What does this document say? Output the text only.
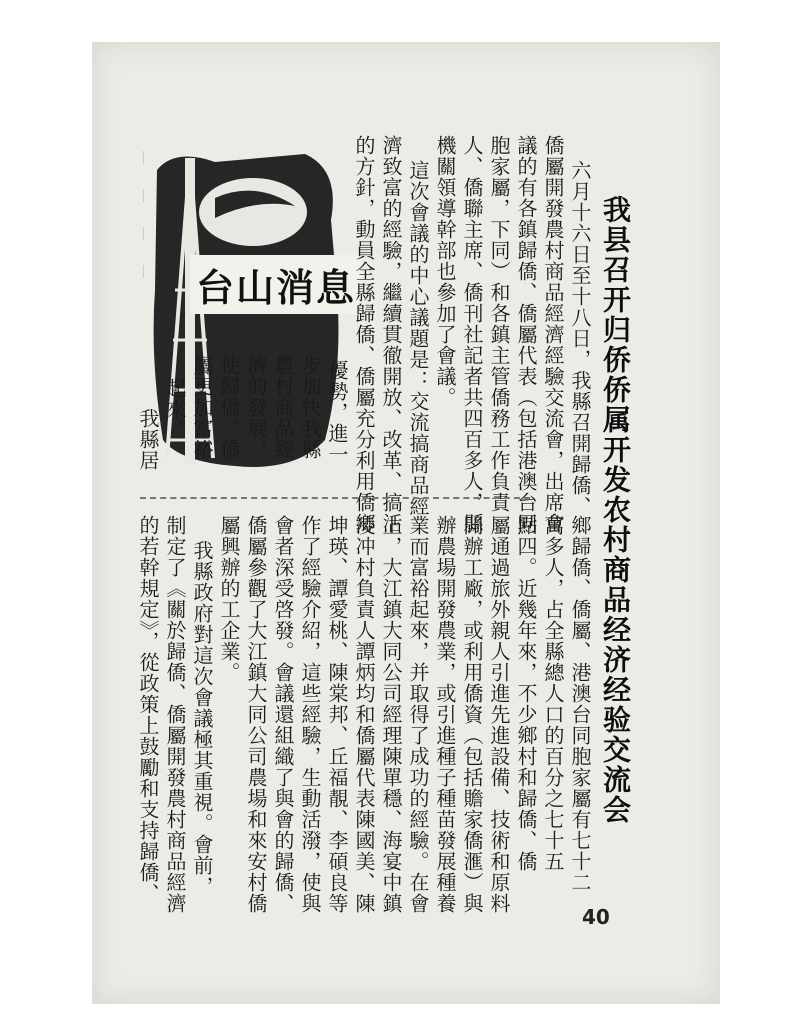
| | | |	我县召开归侨侨属开发农村商品经济经验交流会
台山消息	六月十六日至十八日，我縣召開歸僑、
僑屬開發農村商品經濟經驗交流會，出席會
議的有各鎮歸僑、僑屬代表（包括港澳台同
胞家屬，下同）和各鎮主管僑務工作負責
人、僑聯主席、僑刊社記者共四百多人，縣
機關領導幹部也參加了會議。
這次會議的中心議題是：交流搞商品經
濟致富的經驗，繼續貫徹開放、改革、搞活
的方針，動員全縣歸僑、僑屬充分利用僑鄉
優勢，進一
步加快我縣
農村商品經
濟的發展，
使歸僑、僑
屬更加富裕
起來。
我縣居
鄉歸僑、僑屬、港澳台同胞家屬有七十二
萬多人，占全縣總人口的百分之七十五
點四。近幾年來，不少鄉村和歸僑、僑
屬通過旅外親人引進先進設備、技術和原料
開辦工廠，或利用僑資（包括贍家僑滙）與
辦農場開發農業，或引進種子種苗發展種養
業而富裕起來，并取得了成功的經驗。在會
上，大江鎮大同公司經理陳單穩、海宴中鎮
凌冲村負責人譚炳均和僑屬代表陳國美、陳
坤瑛、譚愛桃、陳棠邦、丘福靚、李碩良等
作了經驗介紹，這些經驗，生動活潑，使與
會者深受啓發。會議還組織了與會的歸僑、
僑屬參觀了大江鎮大同公司農場和來安村僑
屬興辦的工企業。
我縣政府對這次會議極其重視。會前，
制定了《關於歸僑、僑屬開發農村商品經濟
的若幹規定》，從政策上鼓勵和支持歸僑、
40
